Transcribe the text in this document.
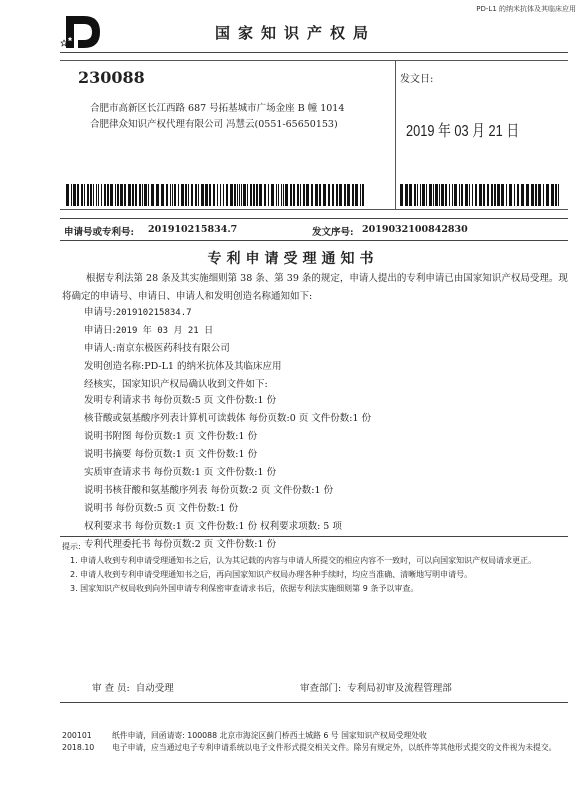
PD-L1 的纳米抗体及其临床应用
国家知识产权局
230088
合肥市高新区长江西路 687 号拓基城市广场金座 B 幢 1014
合肥律众知识产权代理有限公司 冯慧云(0551-65650153)
发文日:
2019 年 03 月 21 日
申请号或专利号: 201910215834.7	发文序号: 2019032100842830
专利申请受理通知书
根据专利法第 28 条及其实施细则第 38 条、第 39 条的规定，申请人提出的专利申请已由国家知识产权局受理。现将确定的申请号、申请日、申请人和发明创造名称通知如下:
申请号:201910215834.7
申请日:2019 年 03 月 21 日
申请人:南京东极医药科技有限公司
发明创造名称:PD-L1 的纳米抗体及其临床应用
经核实，国家知识产权局确认收到文件如下:
发明专利请求书 每份页数:5 页 文件份数:1 份
核苷酸或氨基酸序列表计算机可读载体 每份页数:0 页 文件份数:1 份
说明书附图 每份页数:1 页 文件份数:1 份
说明书摘要 每份页数:1 页 文件份数:1 份
实质审查请求书 每份页数:1 页 文件份数:1 份
说明书核苷酸和氨基酸序列表 每份页数:2 页 文件份数:1 份
说明书 每份页数:5 页 文件份数:1 份
权利要求书 每份页数:1 页 文件份数:1 份 权利要求项数: 5 项
专利代理委托书 每份页数:2 页 文件份数:1 份
提示:
1. 申请人收到专利申请受理通知书之后，认为其记载的内容与申请人所提交的相应内容不一致时，可以向国家知识产权局请求更正。
2. 申请人收到专利申请受理通知书之后，再向国家知识产权局办理各种手续时，均应当准确、清晰地写明申请号。
3. 国家知识产权局收到向外国申请专利保密审查请求书后，依据专利法实施细则第 9 条予以审查。
审 查 员: 自动受理	审查部门: 专利局初审及流程管理部
200101	纸件申请，回函请寄: 100088 北京市海淀区蓟门桥西土城路 6 号 国家知识产权局受理处收
2018.10 电子申请，应当通过电子专利申请系统以电子文件形式提交相关文件。除另有规定外，以纸件等其他形式提交的文件视为未提交。
